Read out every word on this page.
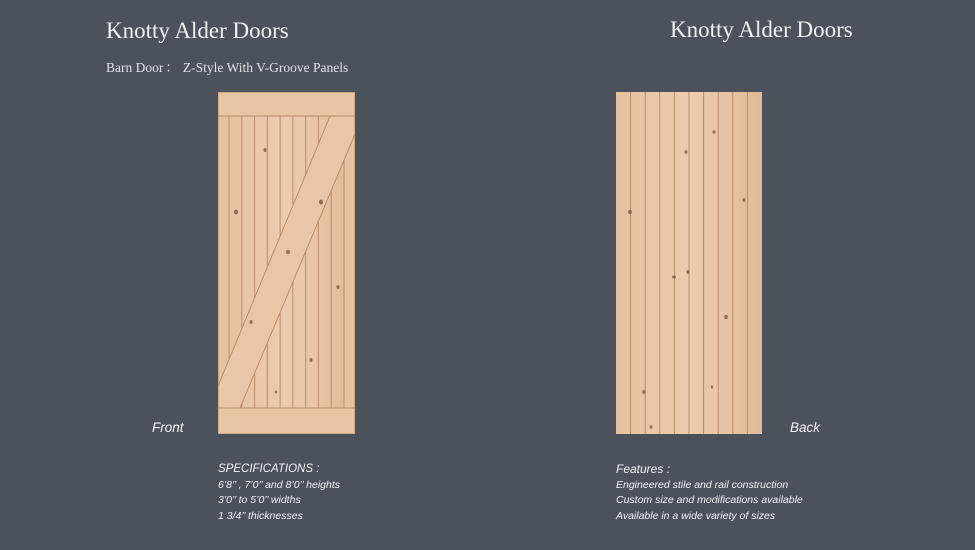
Knotty Alder Doors	Knotty Alder Doors
Barn Door ： Z-Style With V-Groove Panels
Front	Back
SPECIFICATIONS :
6’8’’ , 7’0’’ and 8’0’’ heights
3’0’’ to 5’0’’ widths
1 3/4’’ thicknesses
Features :
Engineered stile and rail construction
Custom size and modifications available
Available in a wide variety of sizes
